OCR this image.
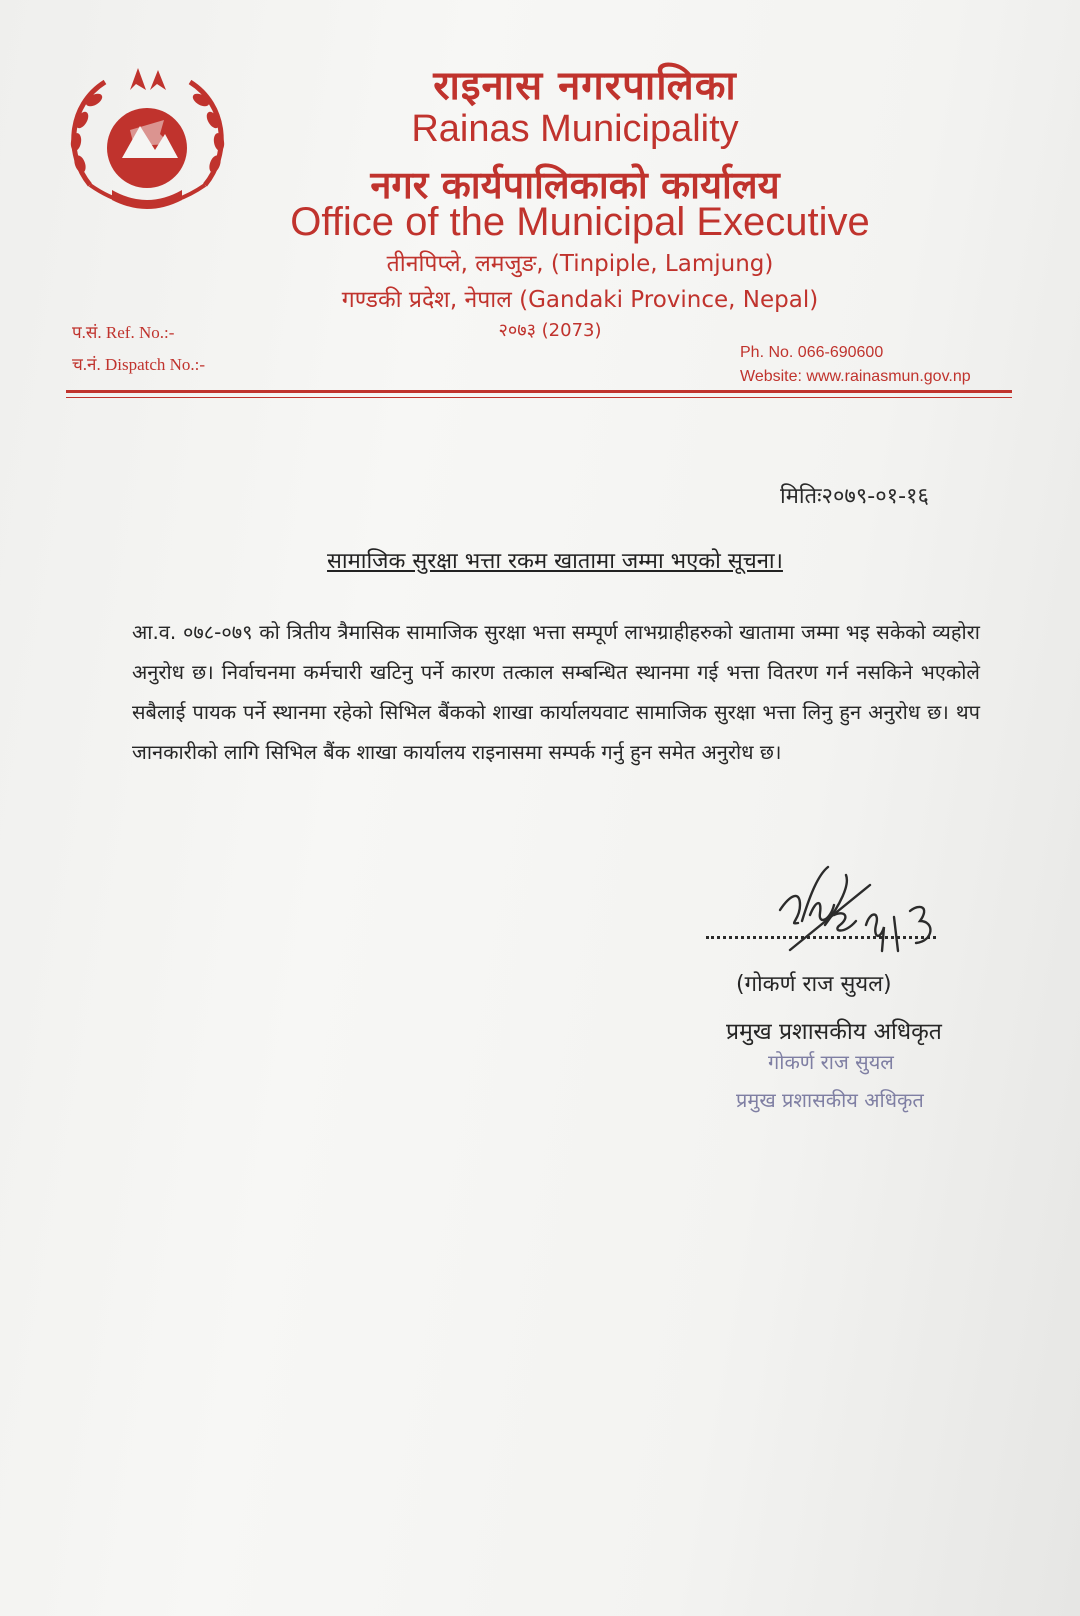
राइनास नगरपालिका
Rainas Municipality
नगर कार्यपालिकाको कार्यालय
Office of the Municipal Executive
तीनपिप्ले, लमजुङ, (Tinpiple, Lamjung)
गण्डकी प्रदेश, नेपाल (Gandaki Province, Nepal)
२०७३ (2073)
प.सं. Ref. No.:-
च.नं. Dispatch No.:-
Ph. No. 066-690600
Website: www.rainasmun.gov.np
मितिः२०७९-०१-१६
सामाजिक सुरक्षा भत्ता रकम खातामा जम्मा भएको सूचना।
आ.व. ०७८-०७९ को त्रितीय त्रैमासिक सामाजिक सुरक्षा भत्ता सम्पूर्ण लाभग्राहीहरुको खातामा जम्मा भइ सकेको व्यहोरा अनुरोध छ। निर्वाचनमा कर्मचारी खटिनु पर्ने कारण तत्काल सम्बन्धित स्थानमा गई भत्ता वितरण गर्न नसकिने भएकोले सबैलाई पायक पर्ने स्थानमा रहेको सिभिल बैंकको शाखा कार्यालयवाट सामाजिक सुरक्षा भत्ता लिनु हुन अनुरोध छ। थप जानकारीको लागि सिभिल बैंक शाखा कार्यालय राइनासमा सम्पर्क गर्नु हुन समेत अनुरोध छ।
(गोकर्ण राज सुयल)
प्रमुख प्रशासकीय अधिकृत
गोकर्ण राज सुयल
प्रमुख प्रशासकीय अधिकृत
